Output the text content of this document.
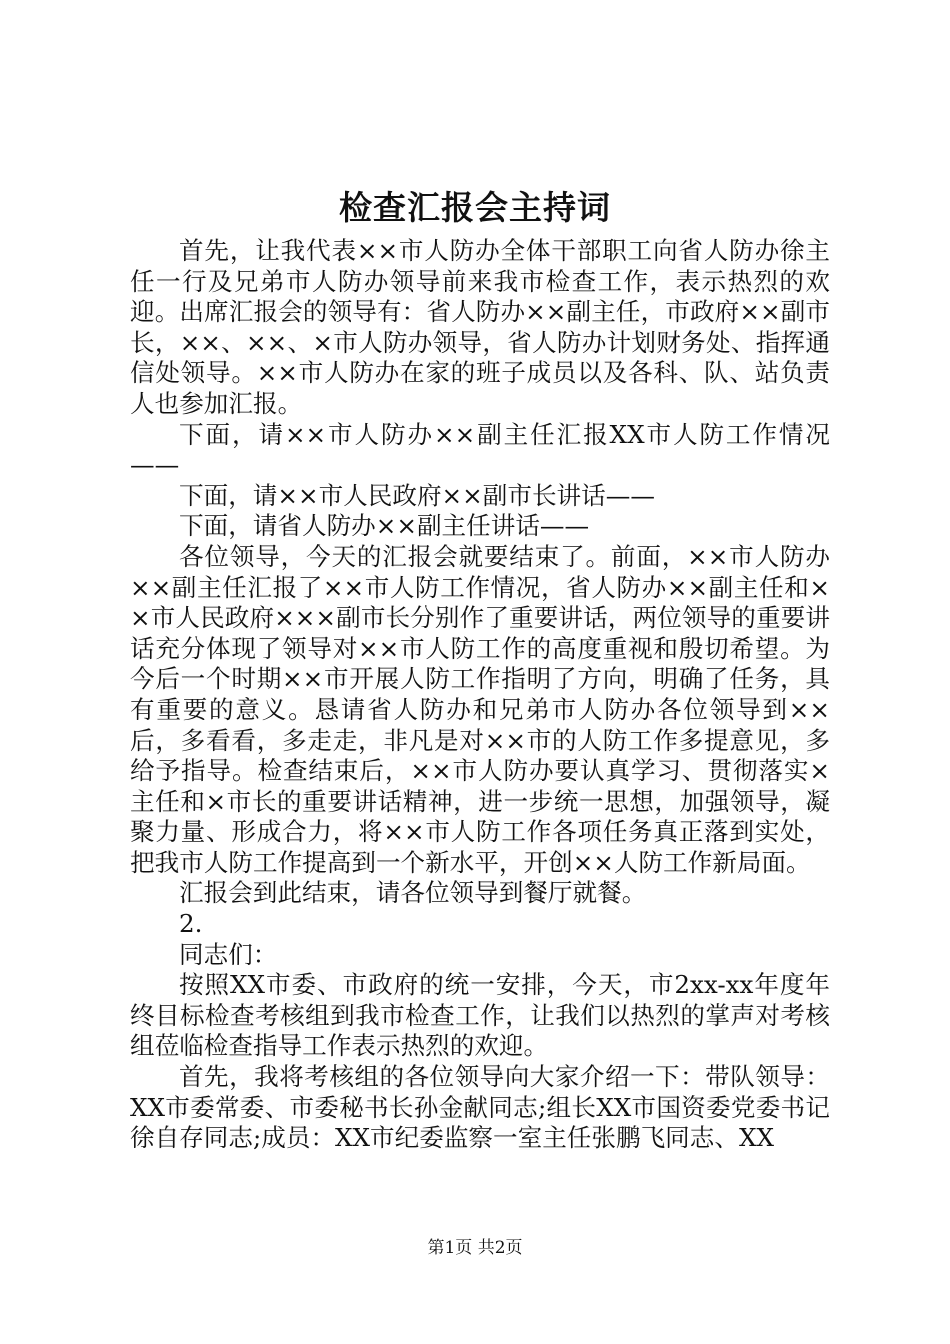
检查汇报会主持词

首先，让我代表××市人防办全体干部职工向省人防办徐主任一行及兄弟市人防办领导前来我市检查工作，表示热烈的欢迎。出席汇报会的领导有：省人防办××副主任，市政府××副市长，××、××、×市人防办领导，省人防办计划财务处、指挥通信处领导。××市人防办在家的班子成员以及各科、队、站负责人也参加汇报。

下面，请××市人防办××副主任汇报XX市人防工作情况——

下面，请××市人民政府××副市长讲话——

下面，请省人防办××副主任讲话——

各位领导，今天的汇报会就要结束了。前面，××市人防办××副主任汇报了××市人防工作情况，省人防办××副主任和××市人民政府×××副市长分别作了重要讲话，两位领导的重要讲话充分体现了领导对××市人防工作的高度重视和殷切希望。为今后一个时期××市开展人防工作指明了方向，明确了任务，具有重要的意义。恳请省人防办和兄弟市人防办各位领导到××后，多看看，多走走，非凡是对××市的人防工作多提意见，多给予指导。检查结束后，××市人防办要认真学习、贯彻落实×主任和×市长的重要讲话精神，进一步统一思想，加强领导，凝聚力量、形成合力，将××市人防工作各项任务真正落到实处，把我市人防工作提高到一个新水平，开创××人防工作新局面。

汇报会到此结束，请各位领导到餐厅就餐。

2.

同志们：

按照XX市委、市政府的统一安排，今天，市2xx-xx年度年终目标检查考核组到我市检查工作，让我们以热烈的掌声对考核组莅临检查指导工作表示热烈的欢迎。

首先，我将考核组的各位领导向大家介绍一下：带队领导：XX市委常委、市委秘书长孙金献同志;组长XX市国资委党委书记徐自存同志;成员：XX市纪委监察一室主任张鹏飞同志、XX

第1页 共2页
